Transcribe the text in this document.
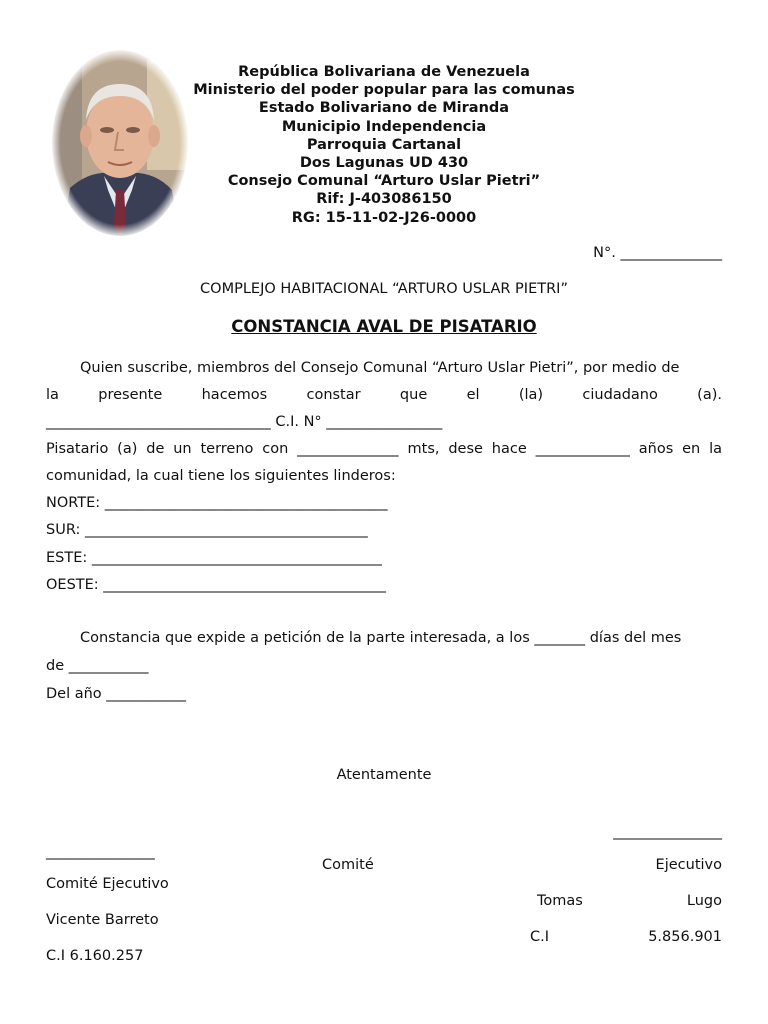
República Bolivariana de Venezuela
Ministerio del poder popular para las comunas
Estado Bolivariano de Miranda
Municipio Independencia
Parroquia Cartanal
Dos Lagunas UD 430
Consejo Comunal “Arturo Uslar Pietri”
Rif: J-403086150
RG: 15-11-02-J26-0000
N°. ______________
COMPLEJO HABITACIONAL “ARTURO USLAR PIETRI”
CONSTANCIA AVAL DE PISATARIO
Quien suscribe, miembros del Consejo Comunal “Arturo Uslar Pietri”, por medio de
la presente hacemos constar que el (la) ciudadano (a).
_______________________________ C.I. N° ________________
Pisatario (a) de un terreno con ______________ mts, dese hace _____________ años en la
comunidad, la cual tiene los siguientes linderos:
NORTE: _______________________________________
SUR: _______________________________________
ESTE: ________________________________________
OESTE: _______________________________________
Constancia que expide a petición de la parte interesada, a los _______ días del mes
de ___________
Del año ___________
Atentamente
_______________
_______________
Comité	Ejecutivo
Comité Ejecutivo
Tomas	Lugo
Vicente Barreto
C.I	5.856.901
C.I 6.160.257
